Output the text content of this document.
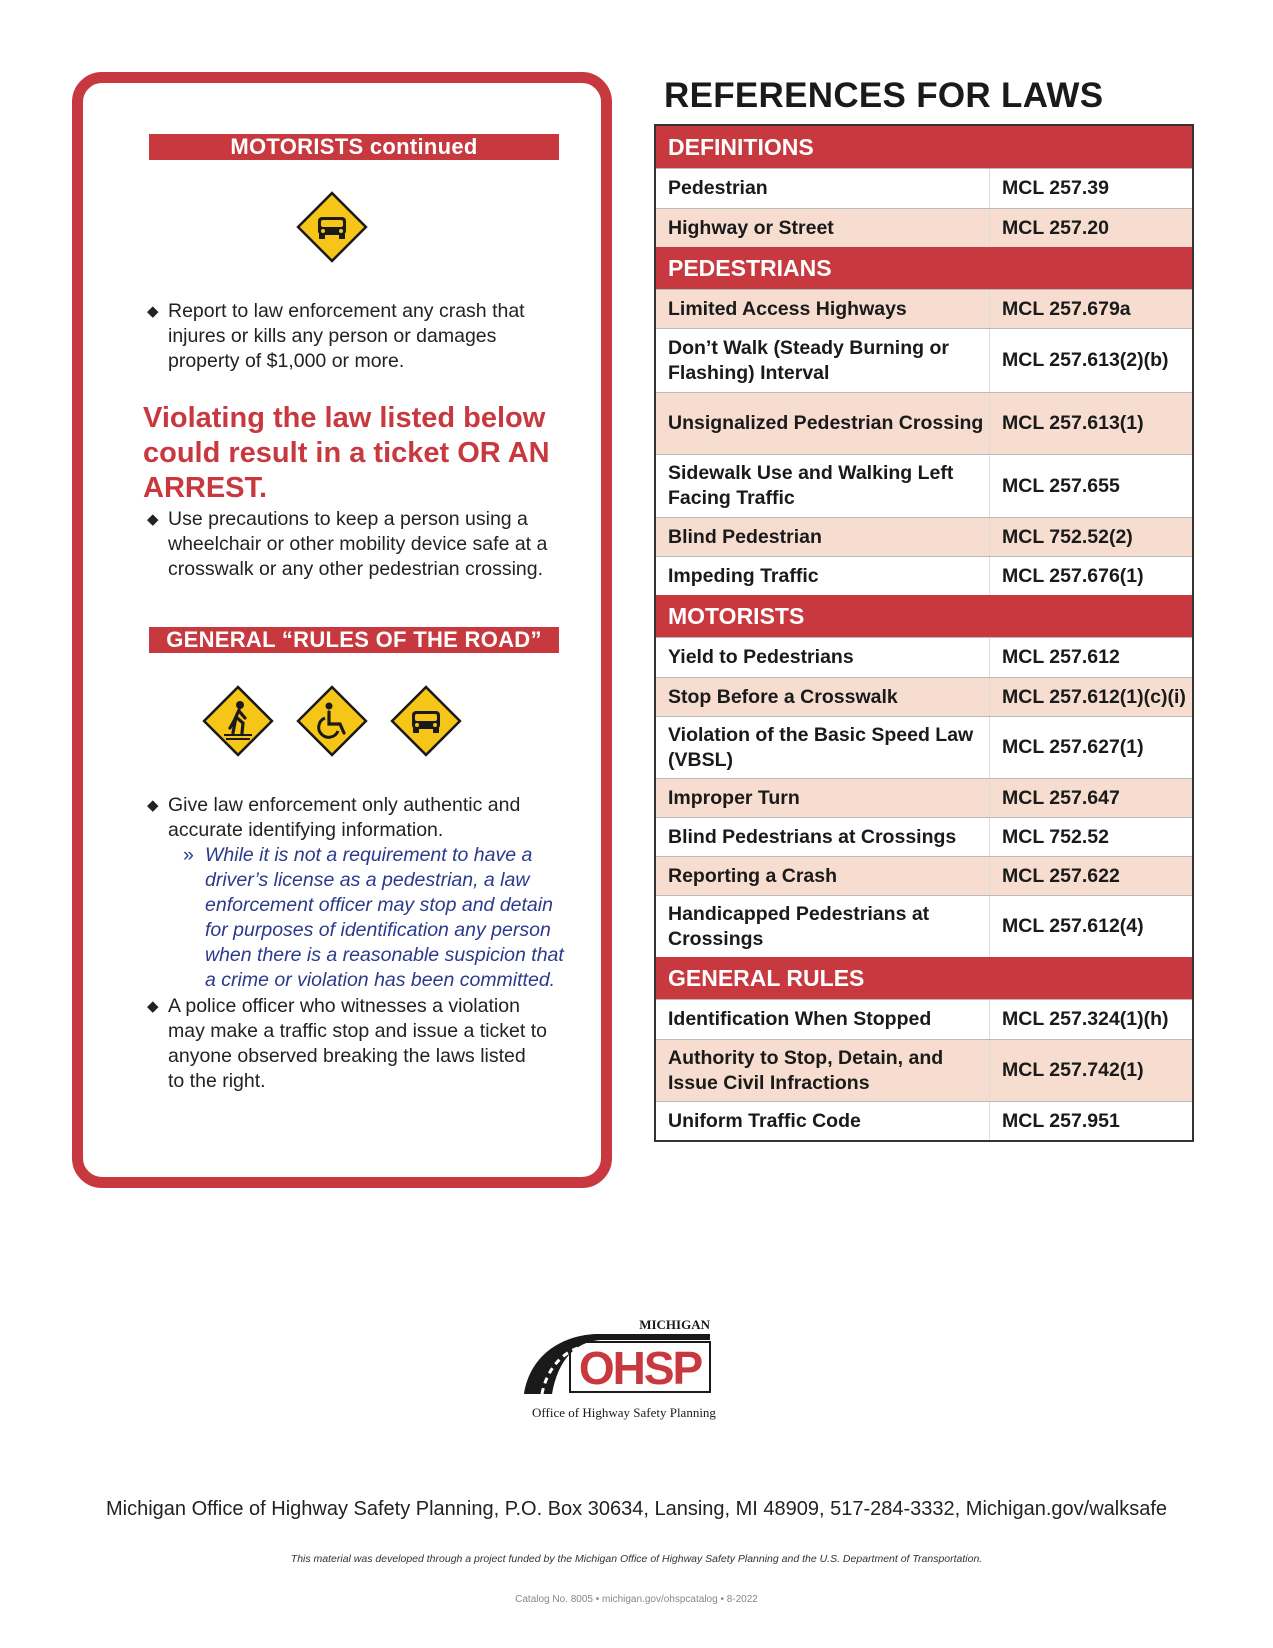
MOTORISTS continued
◆ Report to law enforcement any crash that injures or kills any person or damages property of $1,000 or more.
Violating the law listed below could result in a ticket OR AN ARREST.
◆ Use precautions to keep a person using a wheelchair or other mobility device safe at a crosswalk or any other pedestrian crossing.
GENERAL “RULES OF THE ROAD”
◆ Give law enforcement only authentic and accurate identifying information.
» While it is not a requirement to have a driver’s license as a pedestrian, a law enforcement officer may stop and detain for purposes of identification any person when there is a reasonable suspicion that a crime or violation has been committed.
◆ A police officer who witnesses a violation may make a traffic stop and issue a ticket to anyone observed breaking the laws listed to the right.
REFERENCES FOR LAWS
DEFINITIONS
Pedestrian	MCL 257.39
Highway or Street	MCL 257.20
PEDESTRIANS
Limited Access Highways	MCL 257.679a
Don’t Walk (Steady Burning or Flashing) Interval
MCL 257.613(2)(b)
Unsignalized Pedestrian Crossing MCL 257.613(1)
Sidewalk Use and Walking Left Facing Traffic
MCL 257.655
Blind Pedestrian	MCL 752.52(2)
Impeding Traffic	MCL 257.676(1)
MOTORISTS
Yield to Pedestrians	MCL 257.612
Stop Before a Crosswalk	MCL 257.612(1)(c)(i)
Violation of the Basic Speed Law (VBSL)
MCL 257.627(1)
Improper Turn	MCL 257.647
Blind Pedestrians at Crossings	MCL 752.52
Reporting a Crash	MCL 257.622
Handicapped Pedestrians at Crossings
MCL 257.612(4)
GENERAL RULES
Identification When Stopped	MCL 257.324(1)(h)
Authority to Stop, Detain, and Issue Civil Infractions
MCL 257.742(1)
Uniform Traffic Code	MCL 257.951
MICHIGAN
OHSP
Office of Highway Safety Planning
Michigan Office of Highway Safety Planning, P.O. Box 30634, Lansing, MI 48909, 517-284-3332, Michigan.gov/walksafe
This material was developed through a project funded by the Michigan Office of Highway Safety Planning and the U.S. Department of Transportation.
Catalog No. 8005 • michigan.gov/ohspcatalog • 8-2022
